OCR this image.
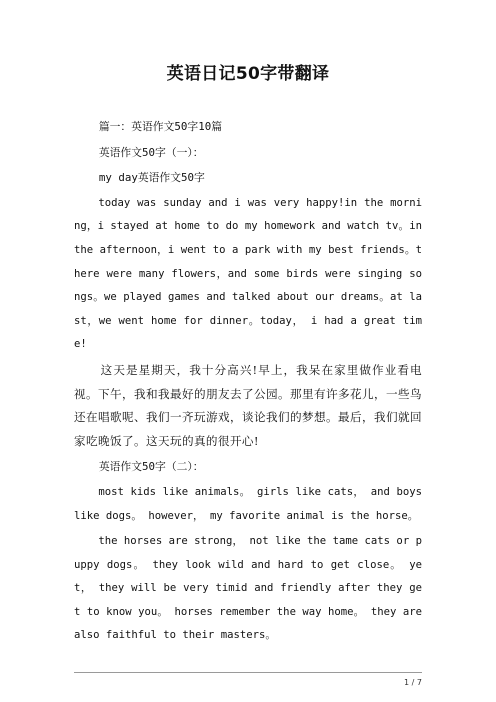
英语日记50字带翻译

篇一：英语作文50字10篇

英语作文50字（一）：

my day英语作文50字

today was sunday and i was very happy!in the morning，i stayed at home to do my homework and watch tv。in the afternoon，i went to a park with my best friends。there were many flowers，and some birds were singing songs。we played games and talked about our dreams。at last，we went home for dinner。today， i had a great time!

这天是星期天，我十分高兴!早上，我呆在家里做作业看电视。下午，我和我最好的朋友去了公园。那里有许多花儿，一些鸟还在唱歌呢、我们一齐玩游戏，谈论我们的梦想。最后，我们就回家吃晚饭了。这天玩的真的很开心!

英语作文50字（二）：

most kids like animals。 girls like cats， and boys like dogs。 however， my favorite animal is the horse。

the horses are strong， not like the tame cats or puppy dogs。 they look wild and hard to get close。 yet， they will be very timid and friendly after they get to know you。 horses remember the way home。 they are also faithful to their masters。

1 / 7
